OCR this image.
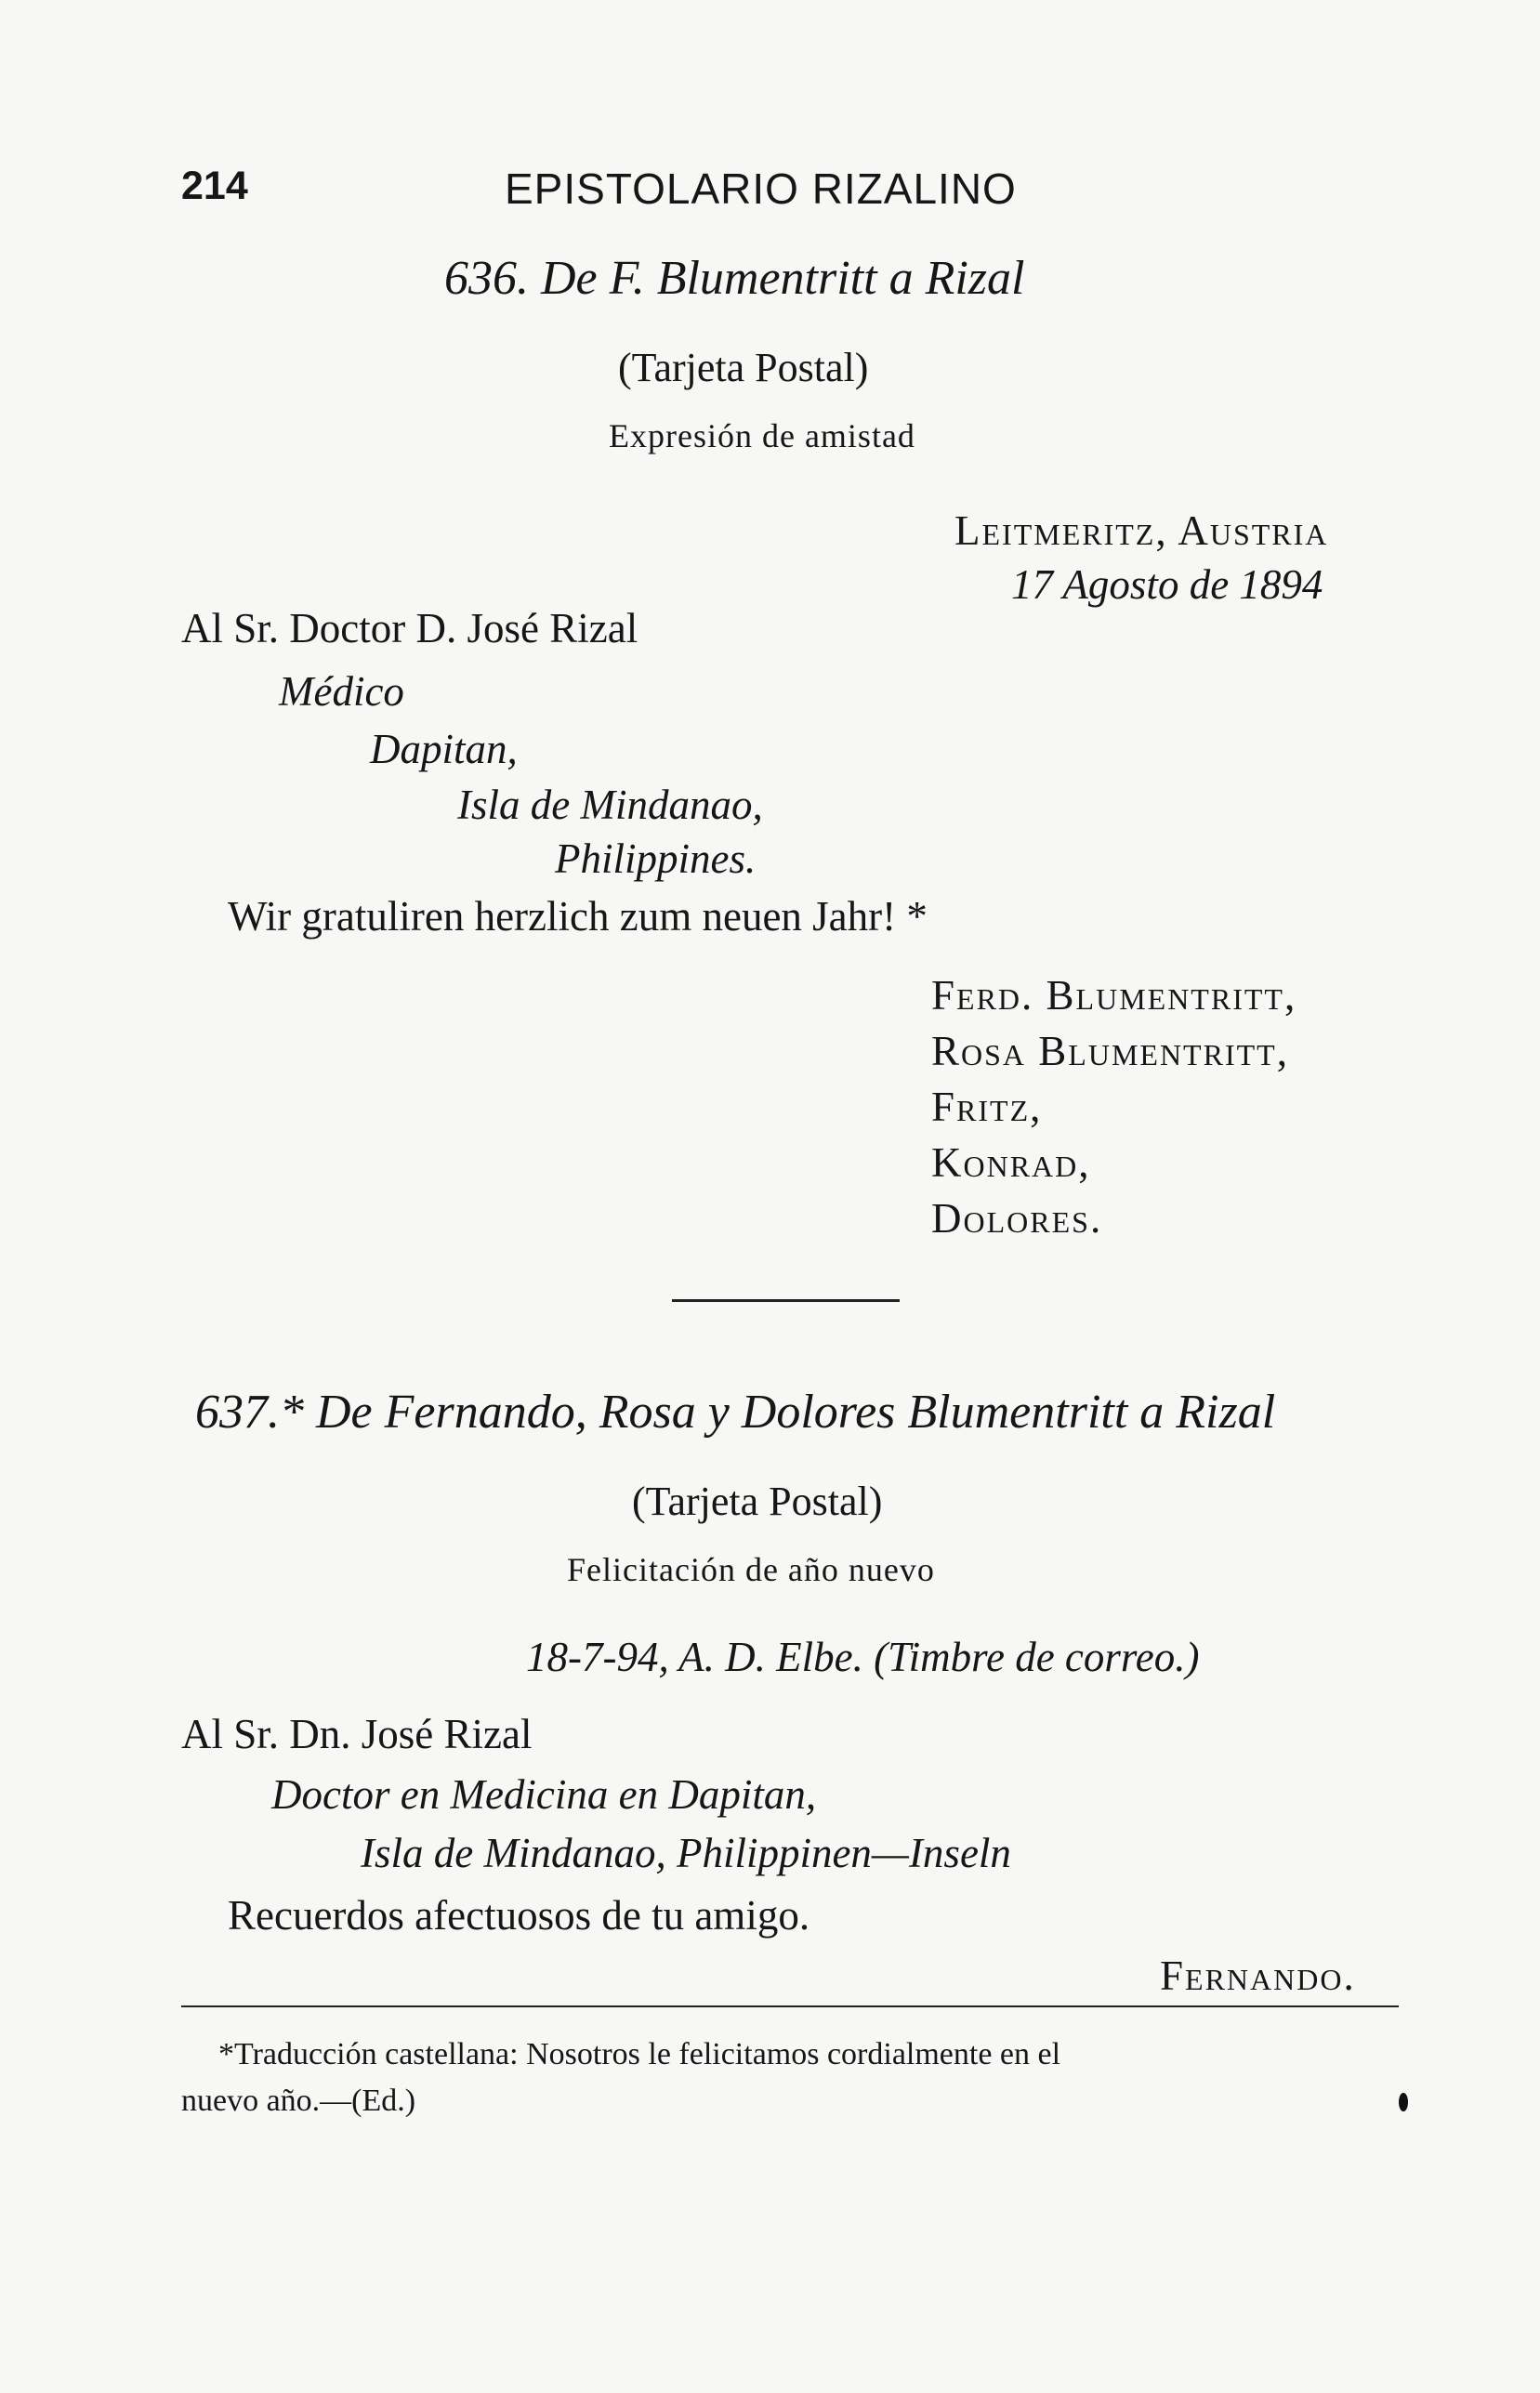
214	EPISTOLARIO RIZALINO
636. De F. Blumentritt a Rizal
(Tarjeta Postal)
Expresión de amistad
Leitmeritz, Austria
17 Agosto de 1894
Al Sr. Doctor D. José Rizal
Médico
Dapitan,
Isla de Mindanao,
Philippines.
Wir gratuliren herzlich zum neuen Jahr! *
Ferd. Blumentritt,
Rosa Blumentritt,
Fritz,
Konrad,
Dolores.
637.* De Fernando, Rosa y Dolores Blumentritt a Rizal
(Tarjeta Postal)
Felicitación de año nuevo
18-7-94, A. D. Elbe. (Timbre de correo.)
Al Sr. Dn. José Rizal
Doctor en Medicina en Dapitan,
Isla de Mindanao, Philippinen—Inseln
Recuerdos afectuosos de tu amigo.
Fernando.
*Traducción castellana: Nosotros le felicitamos cordialmente en el
nuevo año.—(Ed.)
